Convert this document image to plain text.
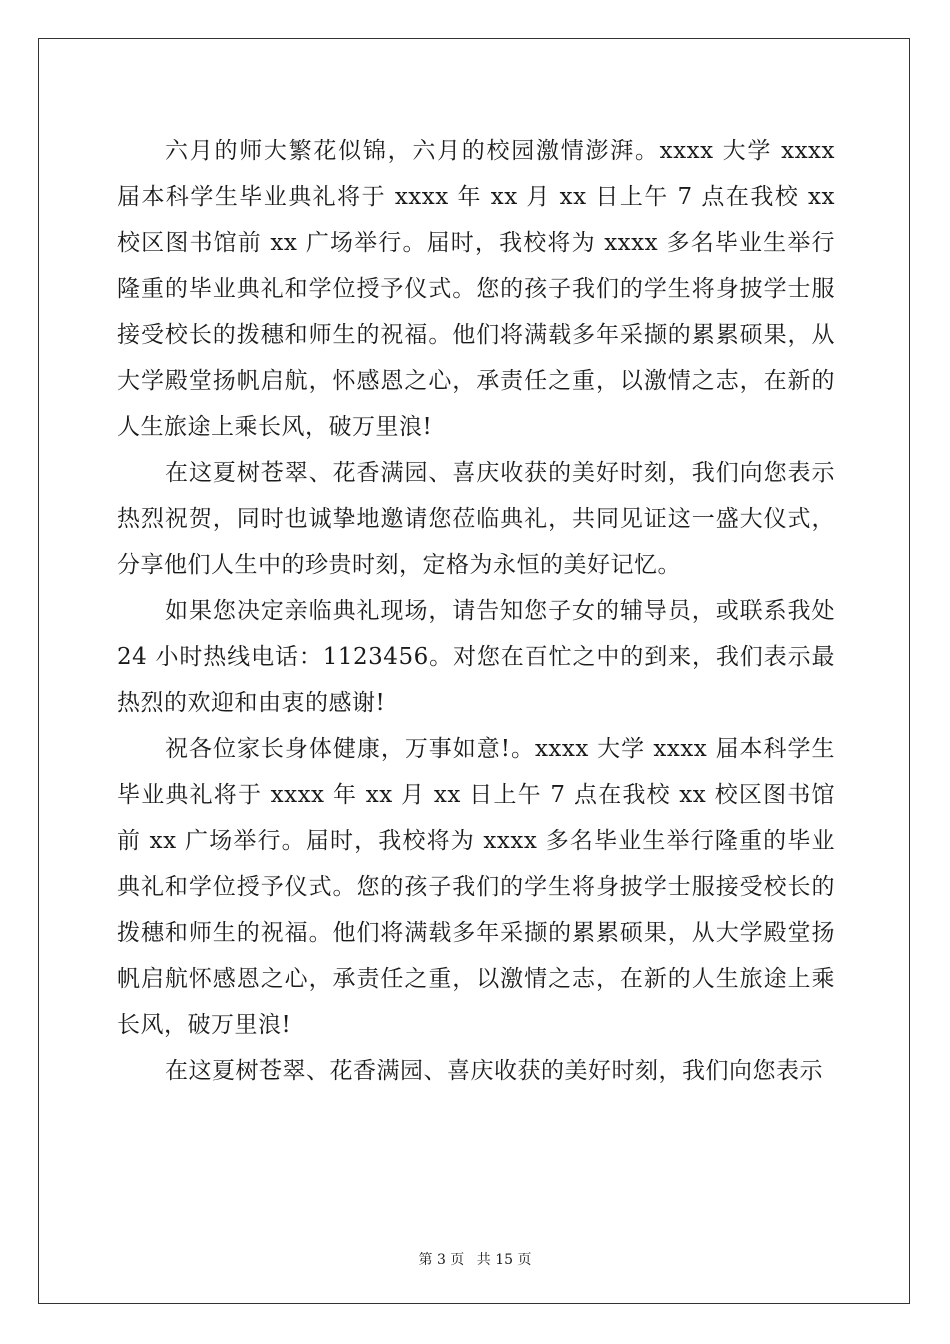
六月的师大繁花似锦，六月的校园激情澎湃。xxxx 大学 xxxx 届本科学生毕业典礼将于 xxxx 年 xx 月 xx 日上午 7 点在我校 xx 校区图书馆前 xx 广场举行。届时，我校将为 xxxx 多名毕业生举行隆重的毕业典礼和学位授予仪式。您的孩子我们的学生将身披学士服接受校长的拨穗和师生的祝福。他们将满载多年采撷的累累硕果，从大学殿堂扬帆启航，怀感恩之心，承责任之重，以激情之志，在新的人生旅途上乘长风，破万里浪!

在这夏树苍翠、花香满园、喜庆收获的美好时刻，我们向您表示热烈祝贺，同时也诚挚地邀请您莅临典礼，共同见证这一盛大仪式，分享他们人生中的珍贵时刻，定格为永恒的美好记忆。

如果您决定亲临典礼现场，请告知您子女的辅导员，或联系我处 24 小时热线电话：1123456。对您在百忙之中的到来，我们表示最热烈的欢迎和由衷的感谢!

祝各位家长身体健康，万事如意!。xxxx 大学 xxxx 届本科学生毕业典礼将于 xxxx 年 xx 月 xx 日上午 7 点在我校 xx 校区图书馆前 xx 广场举行。届时，我校将为 xxxx 多名毕业生举行隆重的毕业典礼和学位授予仪式。您的孩子我们的学生将身披学士服接受校长的拨穗和师生的祝福。他们将满载多年采撷的累累硕果，从大学殿堂扬帆启航怀感恩之心，承责任之重，以激情之志，在新的人生旅途上乘长风，破万里浪!

在这夏树苍翠、花香满园、喜庆收获的美好时刻，我们向您表示

第 3 页 共 15 页
